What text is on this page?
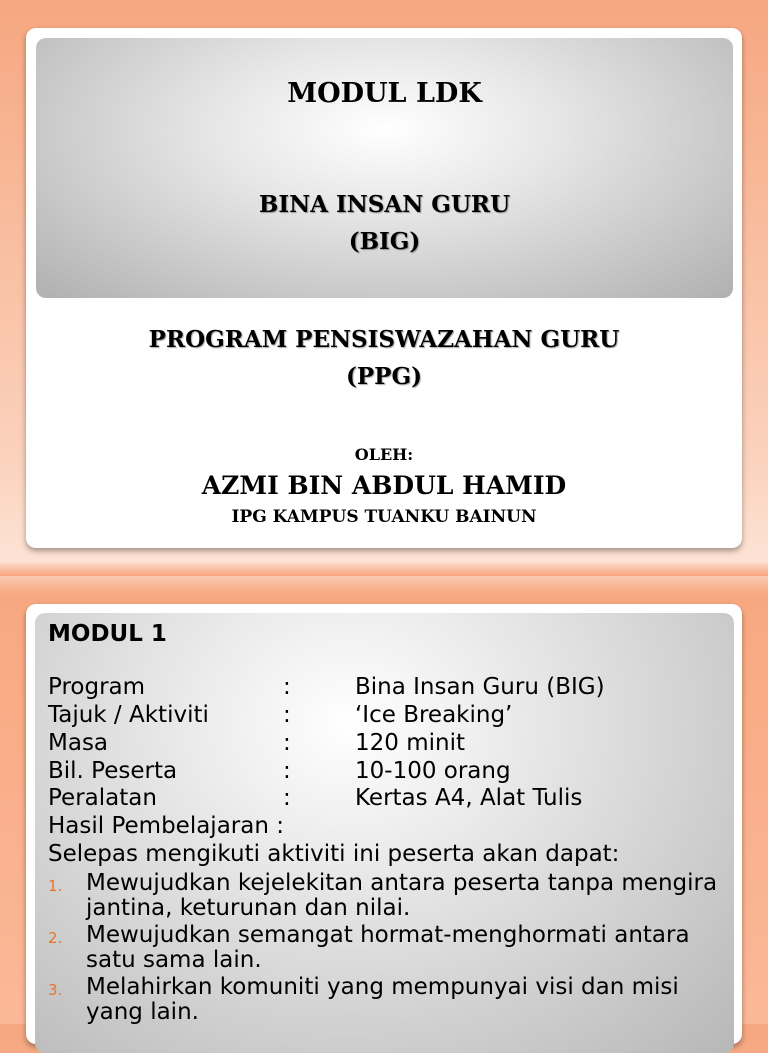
MODUL LDK
BINA INSAN GURU
(BIG)
PROGRAM PENSISWAZAHAN GURU
(PPG)
OLEH:
AZMI BIN ABDUL HAMID
IPG KAMPUS TUANKU BAINUN
MODUL 1
Program	:	Bina Insan Guru (BIG)
Tajuk / Aktiviti	:	‘Ice Breaking’
Masa	:	120 minit
Bil. Peserta	:	10-100 orang
Peralatan	:	Kertas A4, Alat Tulis
Hasil Pembelajaran :
Selepas mengikuti aktiviti ini peserta akan dapat:
1. Mewujudkan kejelekitan antara peserta tanpa mengira jantina, keturunan dan nilai.
2. Mewujudkan semangat hormat-menghormati antara satu sama lain.
3. Melahirkan komuniti yang mempunyai visi dan misi yang lain.
